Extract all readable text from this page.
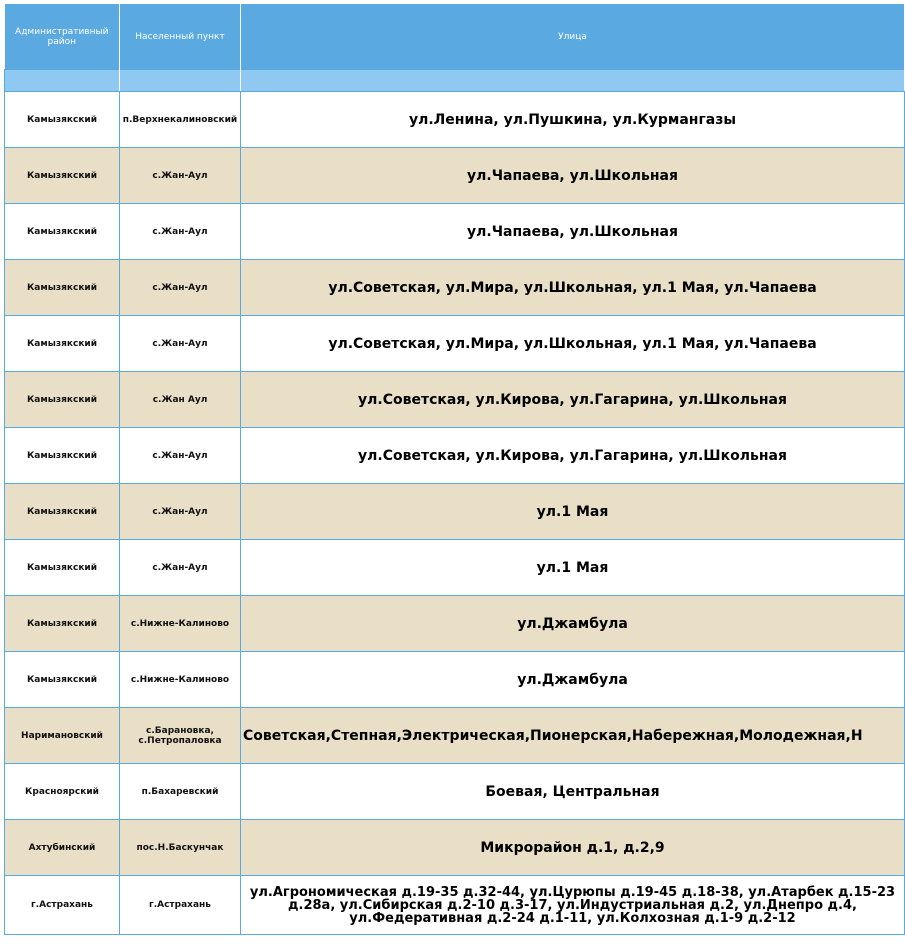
Административный район	Населенный пункт	Улица

Камызякский	п.Верхнекалиновский	ул.Ленина, ул.Пушкина, ул.Курмангазы
Камызякский	с.Жан-Аул	ул.Чапаева, ул.Школьная
Камызякский	с.Жан-Аул	ул.Чапаева, ул.Школьная
Камызякский	с.Жан-Аул	ул.Советская, ул.Мира, ул.Школьная, ул.1 Мая, ул.Чапаева
Камызякский	с.Жан-Аул	ул.Советская, ул.Мира, ул.Школьная, ул.1 Мая, ул.Чапаева
Камызякский	с.Жан Аул	ул.Советская, ул.Кирова, ул.Гагарина, ул.Школьная
Камызякский	с.Жан-Аул	ул.Советская, ул.Кирова, ул.Гагарина, ул.Школьная
Камызякский	с.Жан-Аул	ул.1 Мая
Камызякский	с.Жан-Аул	ул.1 Мая
Камызякский	с.Нижне-Калиново	ул.Джамбула
Камызякский	с.Нижне-Калиново	ул.Джамбула
Наримановский	с.Барановка, с.Петропаловка	Советская,Степная,Электрическая,Пионерская,Набережная,Молодежная,Н
Красноярский	п.Бахаревский	Боевая, Центральная
Ахтубинский	пос.Н.Баскунчак	Микрорайон д.1, д.2,9
г.Астрахань	г.Астрахань	ул.Агрономическая д.19-35 д.32-44, ул.Цурюпы д.19-45 д.18-38, ул.Атарбек д.15-23 д.28а, ул.Сибирская д.2-10 д.3-17, ул.Индустриальная д.2, ул.Днепро д.4, ул.Федеративная д.2-24 д.1-11, ул.Колхозная д.1-9 д.2-12
